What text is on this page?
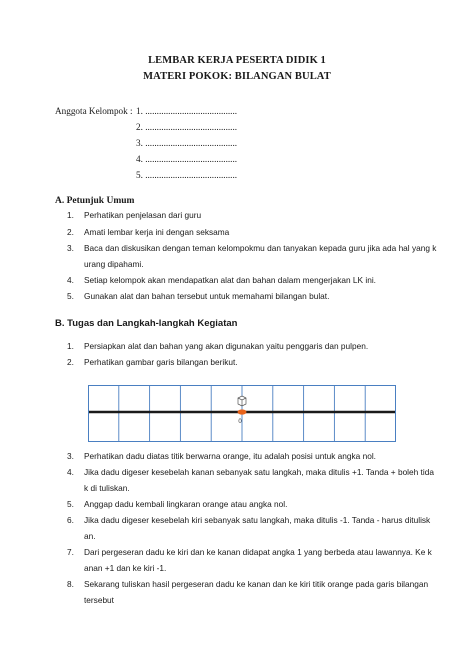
LEMBAR KERJA PESERTA DIDIK 1
MATERI POKOK: BILANGAN BULAT
Anggota Kelompok : 1. ........................................
2. ........................................
3. ........................................
4. ........................................
5. ........................................
A. Petunjuk Umum
1. Perhatikan penjelasan dari guru
2. Amati lembar kerja ini dengan seksama
3. Baca dan diskusikan dengan teman kelompokmu dan tanyakan kepada guru jika ada hal yang k
urang dipahami.
4. Setiap kelompok akan mendapatkan alat dan bahan dalam mengerjakan LK ini.
5. Gunakan alat dan bahan tersebut untuk memahami bilangan bulat.
B. Tugas dan Langkah-langkah Kegiatan
1. Persiapkan alat dan bahan yang akan digunakan yaitu penggaris dan pulpen.
2. Perhatikan gambar garis bilangan berikut.
0
3. Perhatikan dadu diatas titik berwarna orange, itu adalah posisi untuk angka nol.
4. Jika dadu digeser kesebelah kanan sebanyak satu langkah, maka ditulis +1. Tanda + boleh tida
k di tuliskan.
5. Anggap dadu kembali lingkaran orange atau angka nol.
6. Jika dadu digeser kesebelah kiri sebanyak satu langkah, maka ditulis -1. Tanda - harus ditulisk
an.
7. Dari pergeseran dadu ke kiri dan ke kanan didapat angka 1 yang berbeda atau lawannya. Ke k
anan +1 dan ke kiri -1.
8. Sekarang tuliskan hasil pergeseran dadu ke kanan dan ke kiri titik orange pada garis bilangan
tersebut
